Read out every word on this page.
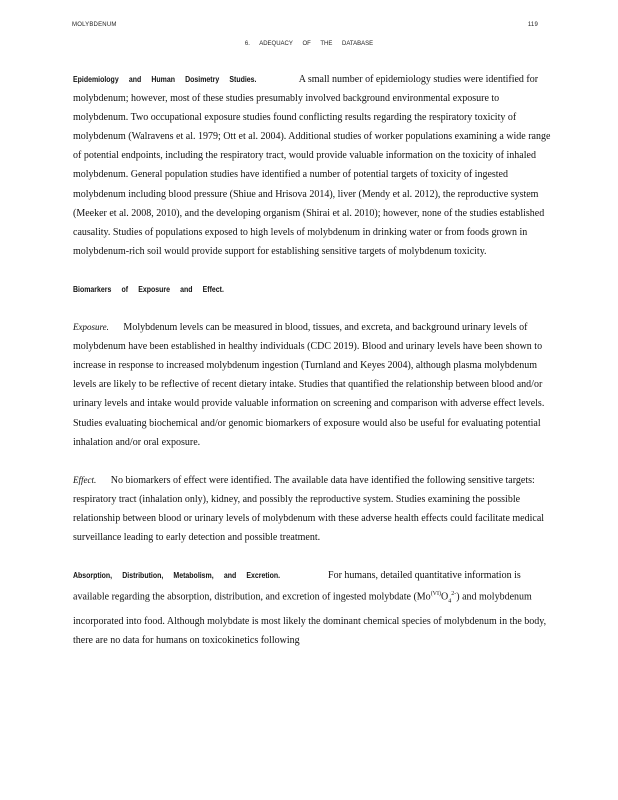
MOLYBDENUM	119
6. ADEQUACY OF THE DATABASE

Epidemiology and Human Dosimetry Studies.	A small number of epidemiology studies were identified for molybdenum; however, most of these studies presumably involved background environmental exposure to molybdenum. Two occupational exposure studies found conflicting results regarding the respiratory toxicity of molybdenum (Walravens et al. 1979; Ott et al. 2004). Additional studies of worker populations examining a wide range of potential endpoints, including the respiratory tract, would provide valuable information on the toxicity of inhaled molybdenum. General population studies have identified a number of potential targets of toxicity of ingested molybdenum including blood pressure (Shiue and Hrisova 2014), liver (Mendy et al. 2012), the reproductive system (Meeker et al. 2008, 2010), and the developing organism (Shirai et al. 2010); however, none of the studies established causality. Studies of populations exposed to high levels of molybdenum in drinking water or from foods grown in molybdenum-rich soil would provide support for establishing sensitive targets of molybdenum toxicity.

Biomarkers of Exposure and Effect.

Exposure. Molybdenum levels can be measured in blood, tissues, and excreta, and background urinary levels of molybdenum have been established in healthy individuals (CDC 2019). Blood and urinary levels have been shown to increase in response to increased molybdenum ingestion (Turnland and Keyes 2004), although plasma molybdenum levels are likely to be reflective of recent dietary intake. Studies that quantified the relationship between blood and/or urinary levels and intake would provide valuable information on screening and comparison with adverse effect levels. Studies evaluating biochemical and/or genomic biomarkers of exposure would also be useful for evaluating potential inhalation and/or oral exposure.

Effect. No biomarkers of effect were identified. The available data have identified the following sensitive targets: respiratory tract (inhalation only), kidney, and possibly the reproductive system. Studies examining the possible relationship between blood or urinary levels of molybdenum with these adverse health effects could facilitate medical surveillance leading to early detection and possible treatment.

Absorption, Distribution, Metabolism, and Excretion.	For humans, detailed quantitative information is available regarding the absorption, distribution, and excretion of ingested molybdate $(Mo^{(VI)}O_4^{2-})$ and molybdenum incorporated into food. Although molybdate is most likely the dominant chemical species of molybdenum in the body, there are no data for humans on toxicokinetics following
